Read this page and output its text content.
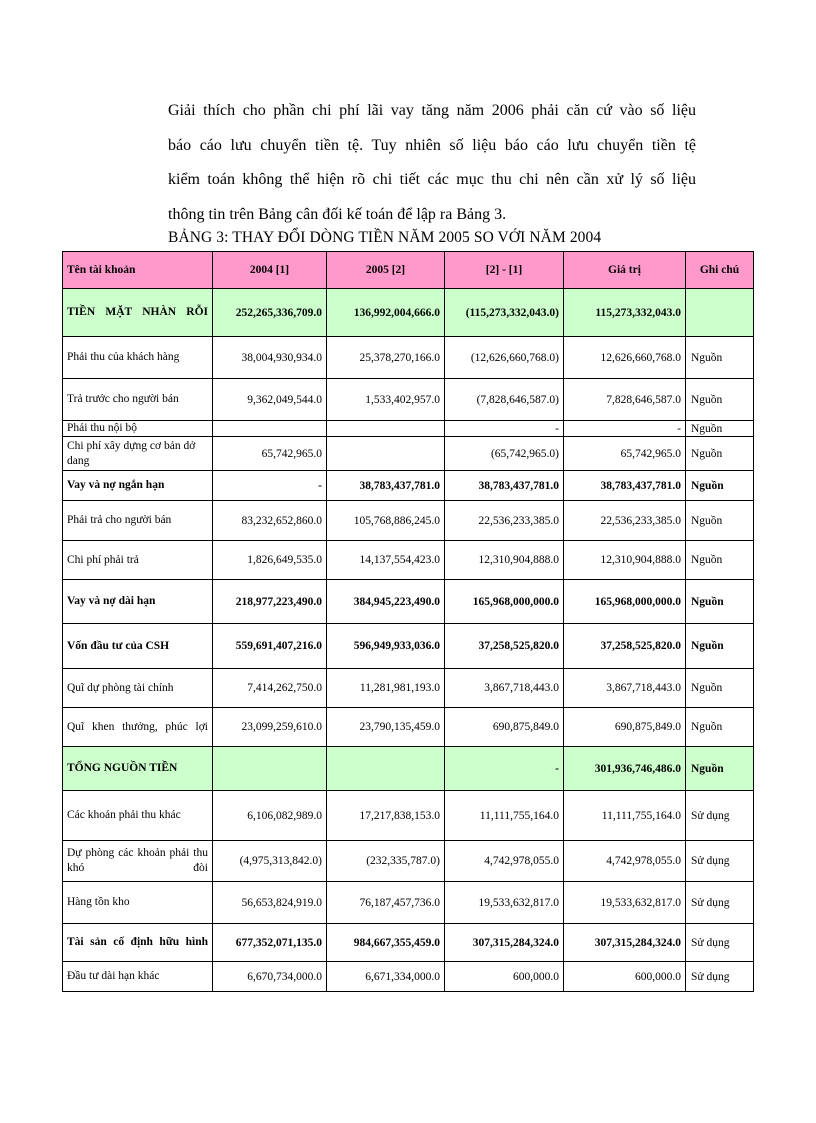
Giải thích cho phần chi phí lãi vay tăng năm 2006 phải căn cứ vào số liệu
báo cáo lưu chuyển tiền tệ. Tuy nhiên số liệu báo cáo lưu chuyển tiền tệ
kiểm toán không thể hiện rõ chi tiết các mục thu chi nên cần xử lý số liệu
thông tin trên Bảng cân đối kế toán để lập ra Bảng 3.
BẢNG 3: THAY ĐỔI DÒNG TIỀN NĂM 2005 SO VỚI NĂM 2004
Tên tài khoản	2004 [1]	2005 [2]	[2] - [1]	Giá trị	Ghi chú
TIỀN MẶT NHÀN RỖI	252,265,336,709.0	136,992,004,666.0	(115,273,332,043.0)	115,273,332,043.0	
Phải thu của khách hàng	38,004,930,934.0	25,378,270,166.0	(12,626,660,768.0)	12,626,660,768.0	Nguồn
Trả trước cho người bán	9,362,049,544.0	1,533,402,957.0	(7,828,646,587.0)	7,828,646,587.0	Nguồn
Phải thu nội bộ			-	-	Nguồn
Chi phí xây dựng cơ bản dở dang	65,742,965.0		(65,742,965.0)	65,742,965.0	Nguồn
Vay và nợ ngắn hạn	-	38,783,437,781.0	38,783,437,781.0	38,783,437,781.0	Nguồn
Phải trả cho người bán	83,232,652,860.0	105,768,886,245.0	22,536,233,385.0	22,536,233,385.0	Nguồn
Chi phí phải trả	1,826,649,535.0	14,137,554,423.0	12,310,904,888.0	12,310,904,888.0	Nguồn
Vay và nợ dài hạn	218,977,223,490.0	384,945,223,490.0	165,968,000,000.0	165,968,000,000.0	Nguồn
Vốn đầu tư của CSH	559,691,407,216.0	596,949,933,036.0	37,258,525,820.0	37,258,525,820.0	Nguồn
Quĩ dự phòng tài chính	7,414,262,750.0	11,281,981,193.0	3,867,718,443.0	3,867,718,443.0	Nguồn
Quĩ khen thưởng, phúc lợi	23,099,259,610.0	23,790,135,459.0	690,875,849.0	690,875,849.0	Nguồn
TỔNG NGUỒN TIỀN			-	301,936,746,486.0	Nguồn
Các khoản phải thu khác	6,106,082,989.0	17,217,838,153.0	11,111,755,164.0	11,111,755,164.0	Sử dụng
Dự phòng các khoản phải thu khó đòi	(4,975,313,842.0)	(232,335,787.0)	4,742,978,055.0	4,742,978,055.0	Sử dụng
Hàng tồn kho	56,653,824,919.0	76,187,457,736.0	19,533,632,817.0	19,533,632,817.0	Sử dụng
Tài sản cố định hữu hình	677,352,071,135.0	984,667,355,459.0	307,315,284,324.0	307,315,284,324.0	Sử dụng
Đầu tư dài hạn khác	6,670,734,000.0	6,671,334,000.0	600,000.0	600,000.0	Sử dụng
